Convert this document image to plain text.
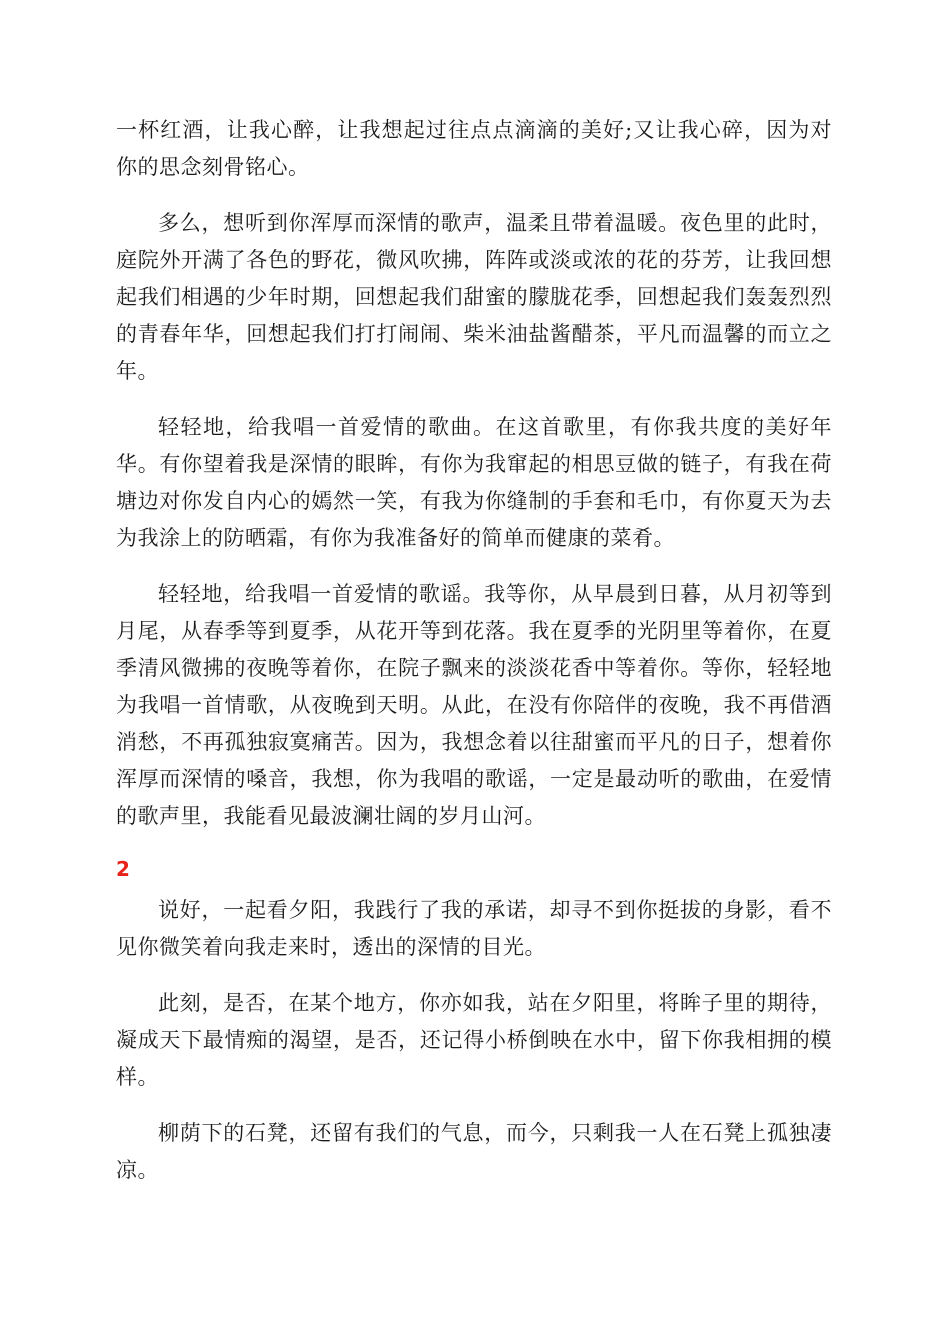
一杯红酒，让我心醉，让我想起过往点点滴滴的美好;又让我心碎，因为对你的思念刻骨铭心。

多么，想听到你浑厚而深情的歌声，温柔且带着温暖。夜色里的此时，庭院外开满了各色的野花，微风吹拂，阵阵或淡或浓的花的芬芳，让我回想起我们相遇的少年时期，回想起我们甜蜜的朦胧花季，回想起我们轰轰烈烈的青春年华，回想起我们打打闹闹、柴米油盐酱醋茶，平凡而温馨的而立之年。

轻轻地，给我唱一首爱情的歌曲。在这首歌里，有你我共度的美好年华。有你望着我是深情的眼眸，有你为我窜起的相思豆做的链子，有我在荷塘边对你发自内心的嫣然一笑，有我为你缝制的手套和毛巾，有你夏天为去为我涂上的防晒霜，有你为我准备好的简单而健康的菜肴。

轻轻地，给我唱一首爱情的歌谣。我等你，从早晨到日暮，从月初等到月尾，从春季等到夏季，从花开等到花落。我在夏季的光阴里等着你，在夏季清风微拂的夜晚等着你，在院子飘来的淡淡花香中等着你。等你，轻轻地为我唱一首情歌，从夜晚到天明。从此，在没有你陪伴的夜晚，我不再借酒消愁，不再孤独寂寞痛苦。因为，我想念着以往甜蜜而平凡的日子，想着你浑厚而深情的嗓音，我想，你为我唱的歌谣，一定是最动听的歌曲，在爱情的歌声里，我能看见最波澜壮阔的岁月山河。

2

说好，一起看夕阳，我践行了我的承诺，却寻不到你挺拔的身影，看不见你微笑着向我走来时，透出的深情的目光。

此刻，是否，在某个地方，你亦如我，站在夕阳里，将眸子里的期待，凝成天下最情痴的渴望，是否，还记得小桥倒映在水中，留下你我相拥的模样。

柳荫下的石凳，还留有我们的气息，而今，只剩我一人在石凳上孤独凄凉。
